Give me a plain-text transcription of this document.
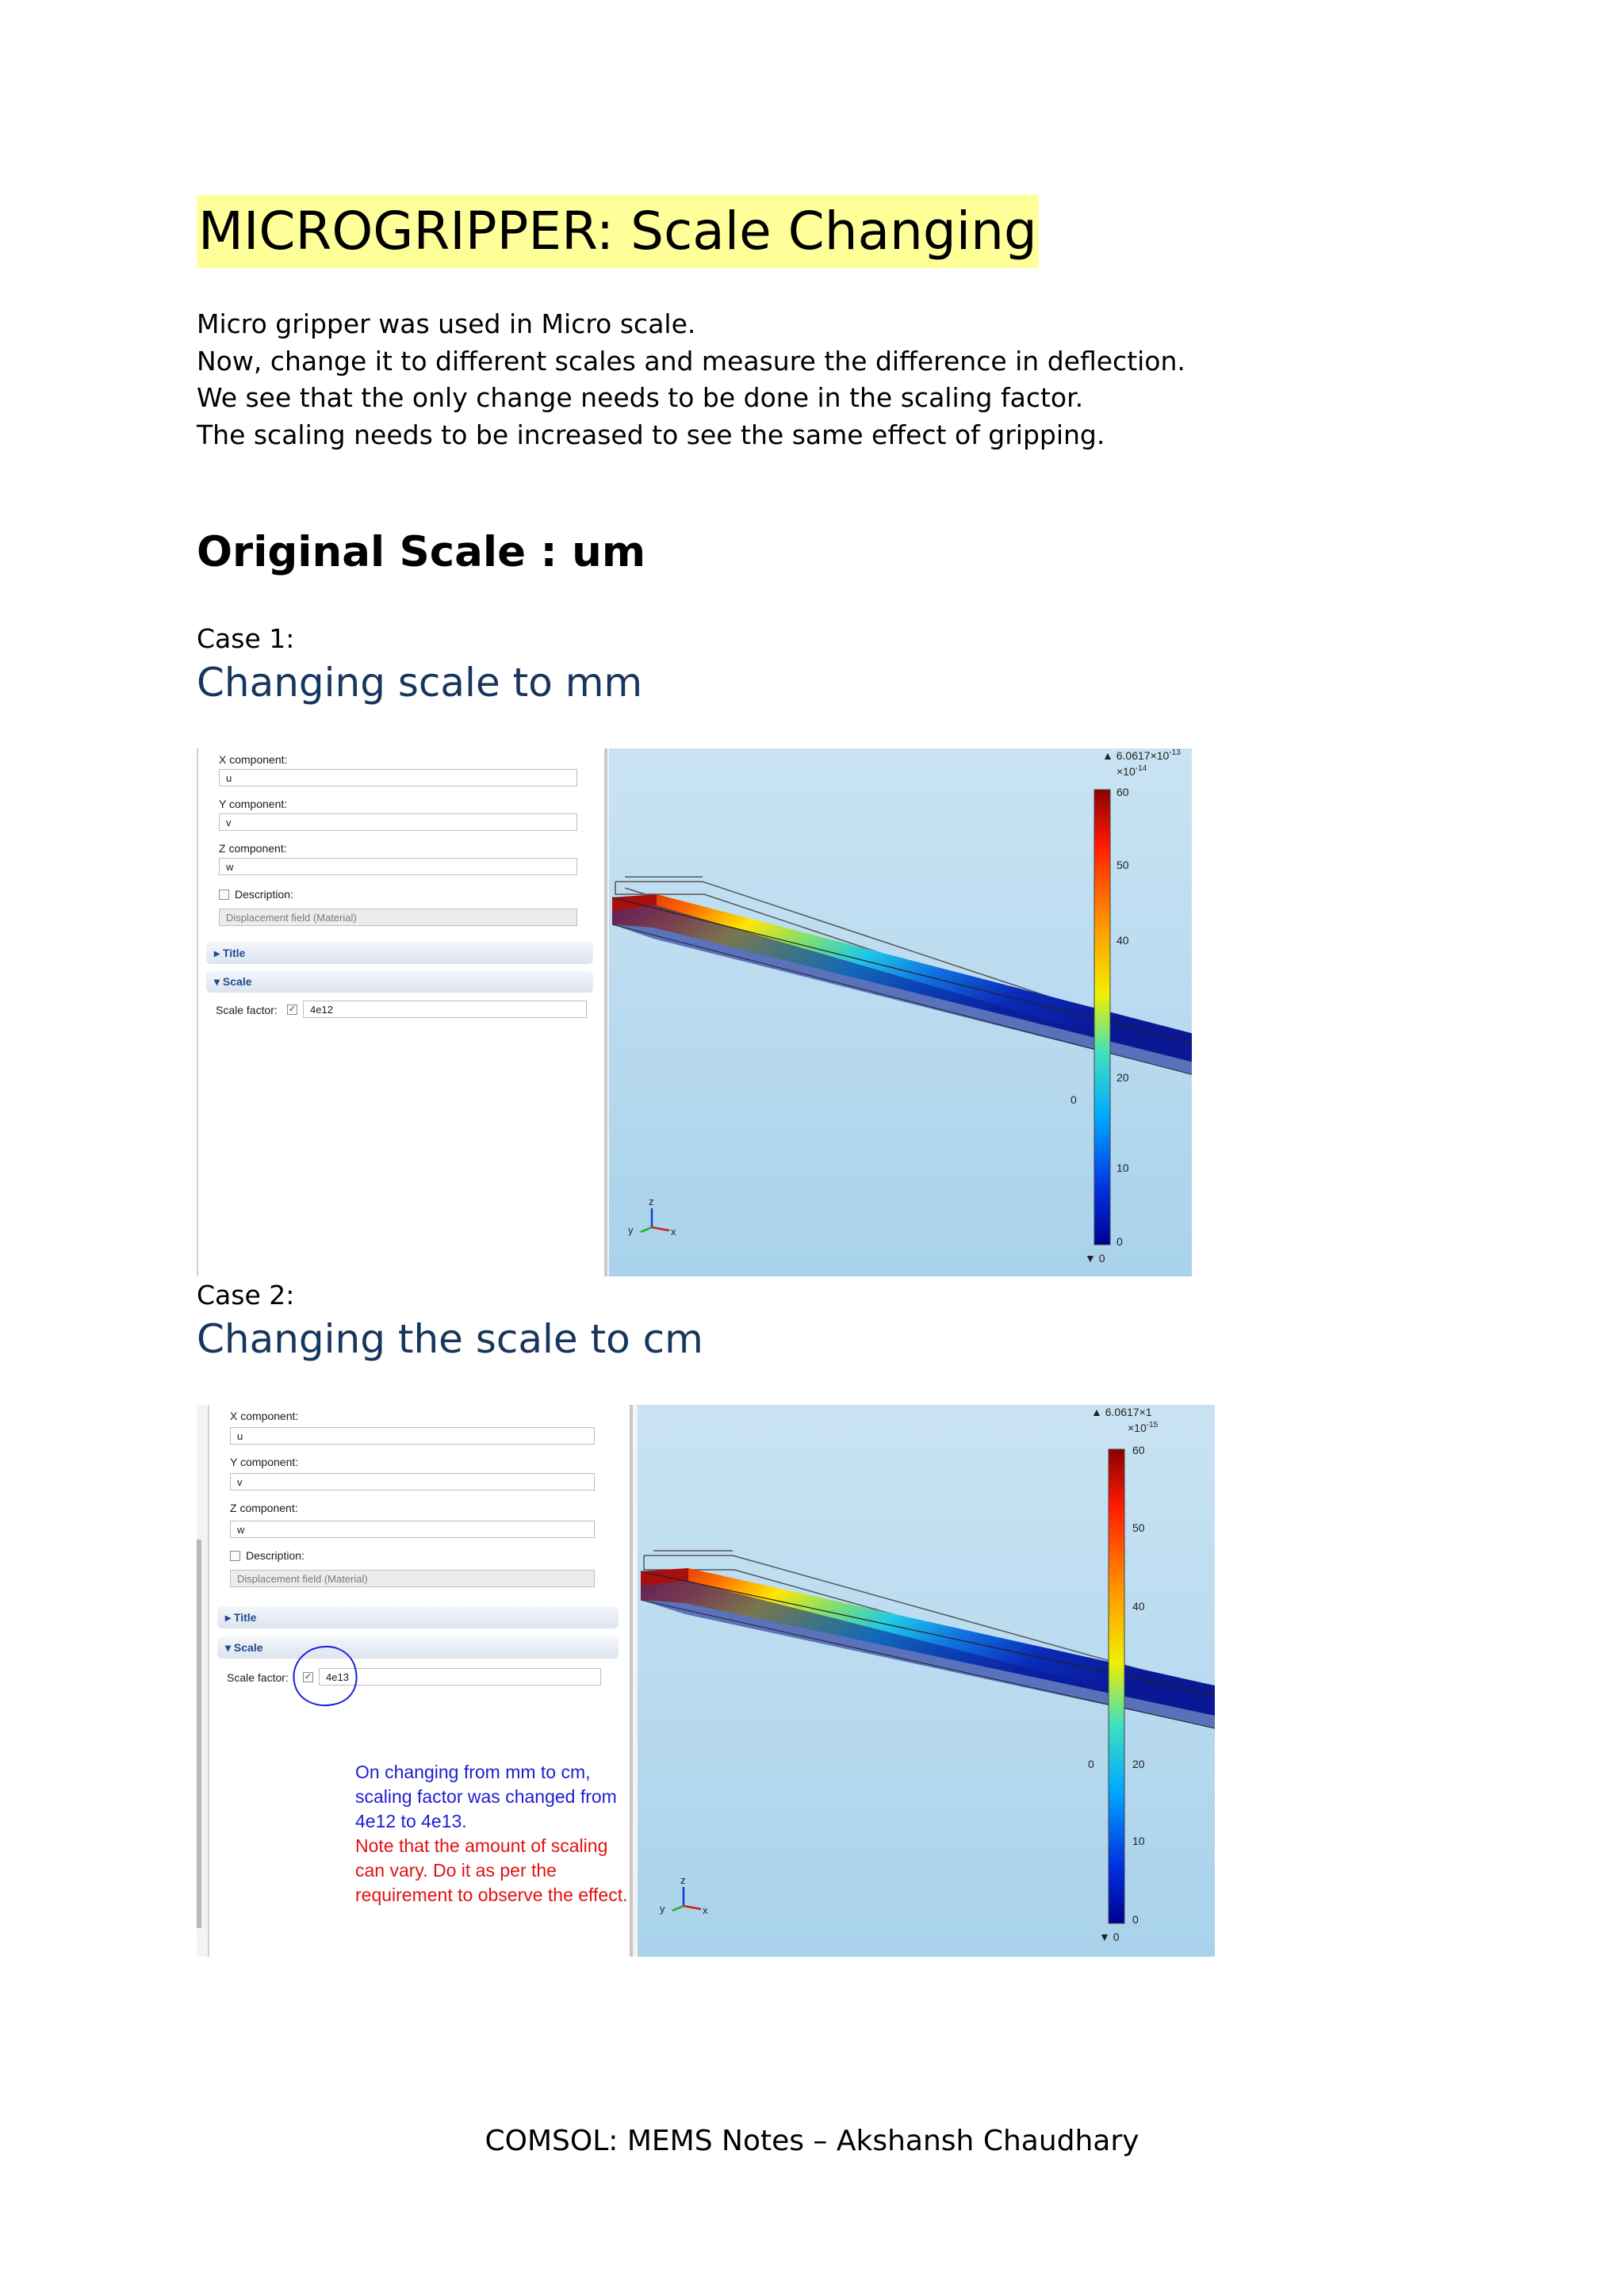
MICROGRIPPER: Scale Changing

Micro gripper was used in Micro scale.

Now, change it to different scales and measure the difference in deflection.

We see that the only change needs to be done in the scaling factor.

The scaling needs to be increased to see the same effect of gripping.

Original Scale : um
Case 1:
Changing scale to mm
X component:
u
Y component:
v
Z component:
w
Description:
Displacement field (Material)
▸ Title
▾ Scale
Scale factor: ✓	4e12
▲ $6.0617\times 10^{-13}$
$\times 10^{-14}$
60
50
40
20
10
0
▼ 0
0
z
y	x
Case 2:
Changing the scale to cm
X component:
u
Y component:
v
Z component:
w
Description:
Displacement field (Material)
▸ Title
▾ Scale
Scale factor: ✓	4e13
On changing from mm to cm,
scaling factor was changed from
4e12 to 4e13.
Note that the amount of scaling
can vary. Do it as per the
requirement to observe the effect.
▲ 6.0617×1
$\times 10^{-15}$
60
50
40
20
10
0
▼ 0
0
z
y	x
COMSOL: MEMS Notes – Akshansh Chaudhary
